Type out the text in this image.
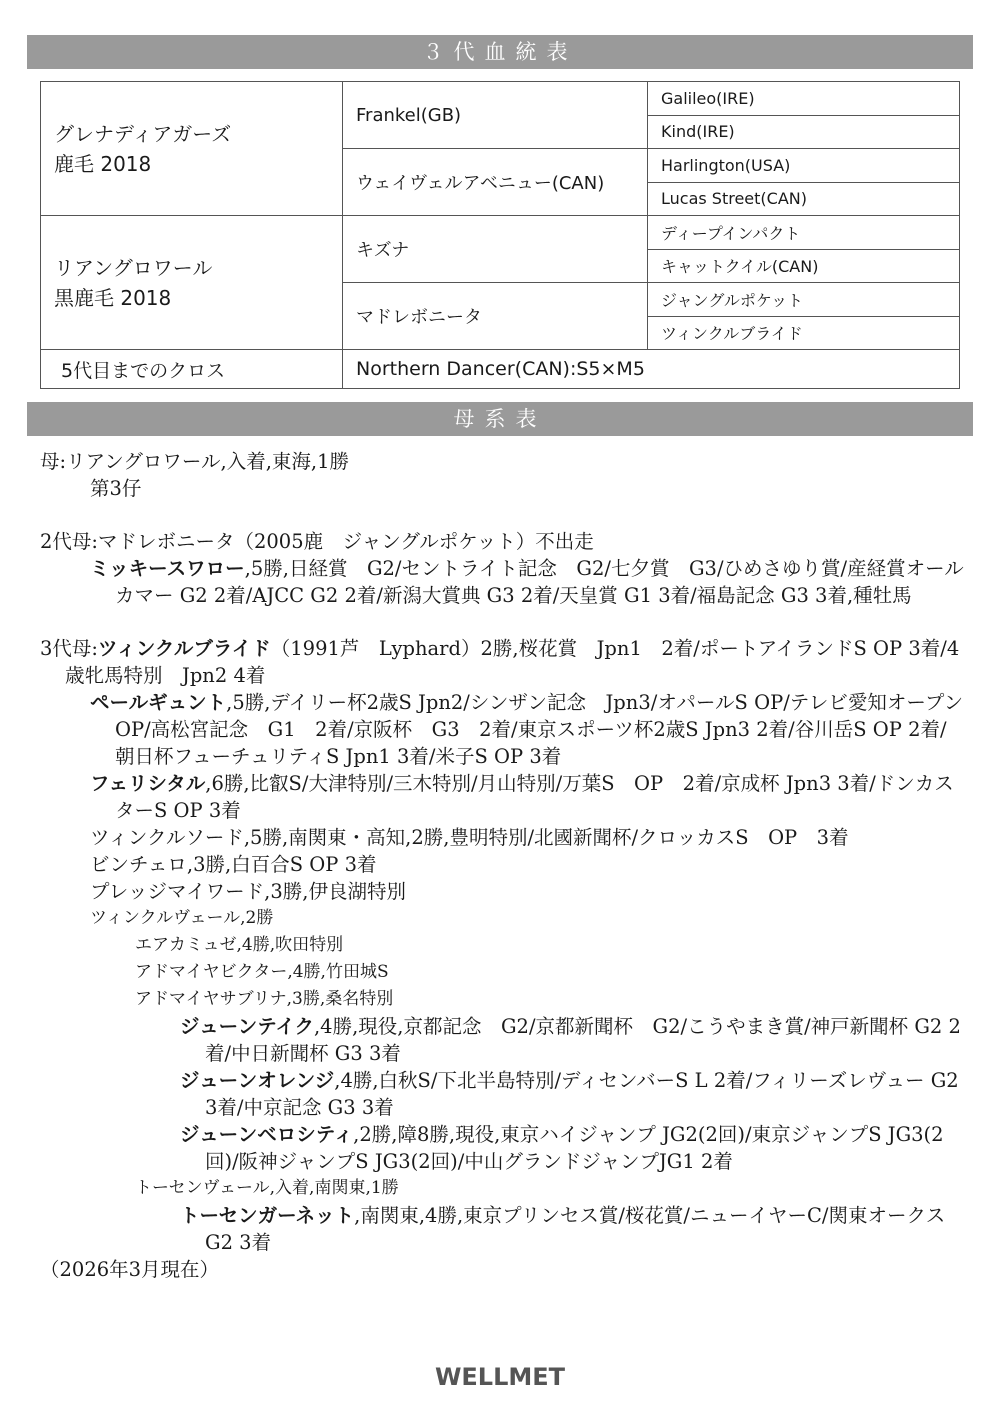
３代血統表
グレナディアガーズ
鹿毛 2018	Frankel(GB)	Galileo(IRE)
		Kind(IRE)
	ウェイヴェルアベニュー(CAN)	Harlington(USA)
		Lucas Street(CAN)

リアングロワール
黒鹿毛 2018	キズナ	ディープインパクト
		キャットクイル(CAN)
	マドレボニータ	ジャングルポケット
		ツィンクルブライド
5代目までのクロス	Northern Dancer(CAN):S5×M5	
母系表

母:リアングロワール,入着,東海,1勝

第3仔

2代母:マドレボニータ（2005鹿　ジャングルポケット）不出走

ミッキースワロー,5勝,日経賞　G2/セントライト記念　G2/七夕賞　G3/ひめさゆり賞/産経賞オールカマー G2 2着/AJCC G2 2着/新潟大賞典 G3 2着/天皇賞 G1 3着/福島記念 G3 3着,種牡馬

3代母:ツィンクルブライド（1991芦　Lyphard）2勝,桜花賞　Jpn1　2着/ポートアイランドS OP 3着/4歳牝馬特別　Jpn2 4着

ペールギュント,5勝,デイリー杯2歳S Jpn2/シンザン記念　Jpn3/オパールS OP/テレビ愛知オープン OP/高松宮記念　G1　2着/京阪杯　G3　2着/東京スポーツ杯2歳S Jpn3 2着/谷川岳S OP 2着/朝日杯フューチュリティS Jpn1 3着/米子S OP 3着

フェリシタル,6勝,比叡S/大津特別/三木特別/月山特別/万葉S　OP　2着/京成杯 Jpn3 3着/ドンカスターS OP 3着

ツィンクルソード,5勝,南関東・高知,2勝,豊明特別/北國新聞杯/クロッカスS　OP　3着

ビンチェロ,3勝,白百合S OP 3着

プレッジマイワード,3勝,伊良湖特別

ツィンクルヴェール,2勝

エアカミュゼ,4勝,吹田特別

アドマイヤビクター,4勝,竹田城S

アドマイヤサブリナ,3勝,桑名特別

ジューンテイク,4勝,現役,京都記念　G2/京都新聞杯　G2/こうやまき賞/神戸新聞杯 G2 2着/中日新聞杯 G3 3着

ジューンオレンジ,4勝,白秋S/下北半島特別/ディセンバーS L 2着/フィリーズレヴュー G2 3着/中京記念 G3 3着

ジューンベロシティ,2勝,障8勝,現役,東京ハイジャンプ JG2(2回)/東京ジャンプS JG3(2回)/阪神ジャンプS JG3(2回)/中山グランドジャンプJG1 2着

トーセンヴェール,入着,南関東,1勝

トーセンガーネット,南関東,4勝,東京プリンセス賞/桜花賞/ニューイヤーC/関東オークス G2 3着

（2026年3月現在）

WELLMET
